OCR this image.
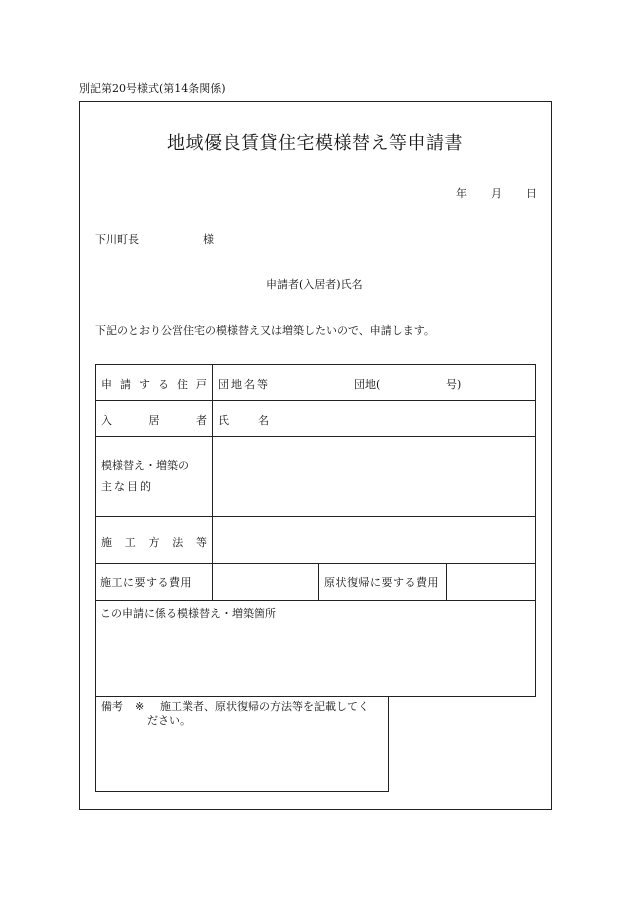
別記第20号様式(第14条関係)
地域優良賃貸住宅模様替え等申請書
年 月 日
下川町長	様
申請者(入居者)氏名
下記のとおり公営住宅の模様替え又は増築したいので、申請します。
申 請 す る 住 戸 団地名等	団地(	号)
入	居	者 氏	名
模様替え・増築の
主な目的
施 工 方 法 等
施工に要する費用	原状復帰に要する費用
この申請に係る模様替え・増築箇所
備考 ※ 施工業者、原状復帰の方法等を記載してく
ださい。
